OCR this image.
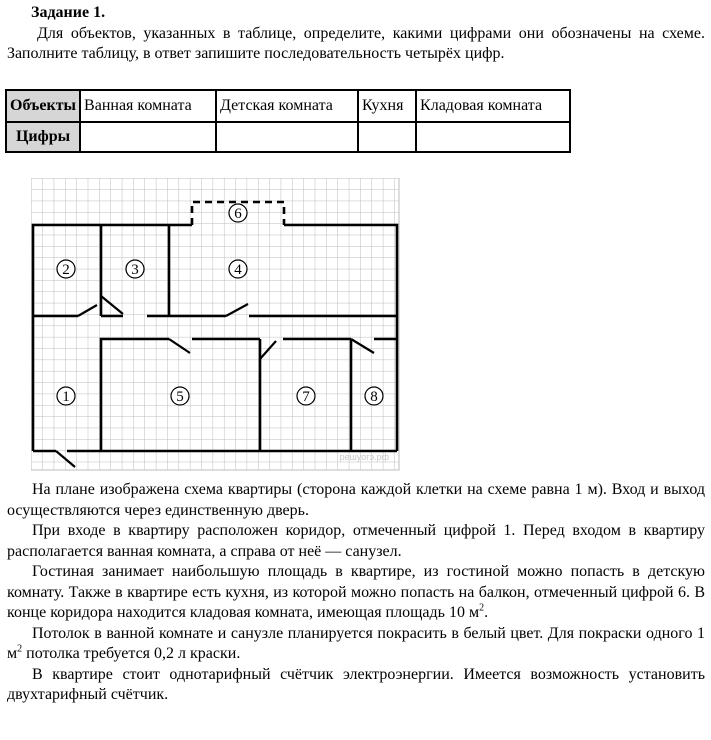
Задание 1.
Для объектов, указанных в таблице, определите, какими цифрами они обозначены на схеме. Заполните таблицу, в ответ запишите последовательность четырёх цифр.
Объекты	Ванная комната	Детская комната	Кухня	Кладовая комната
Цифры				
1
2	3	4
5
6
7	8
решуогэ.рф

На плане изображена схема квартиры (сторона каждой клетки на схеме равна 1 м). Вход и выход осуществляются через единственную дверь.

При входе в квартиру расположен коридор, отмеченный цифрой 1. Перед входом в квартиру располагается ванная комната, а справа от неё — санузел.

Гостиная занимает наибольшую площадь в квартире, из гостиной можно попасть в детскую комнату. Также в квартире есть кухня, из которой можно попасть на балкон, отмеченный цифрой 6. В конце коридора находится кладовая комната, имеющая площадь 10 $м^2$.

Потолок в ванной комнате и санузле планируется покрасить в белый цвет. Для покраски одного 1 $м^2$ потолка требуется 0,2 л краски.

В квартире стоит однотарифный счётчик электроэнергии. Имеется возможность установить двухтарифный счётчик.
